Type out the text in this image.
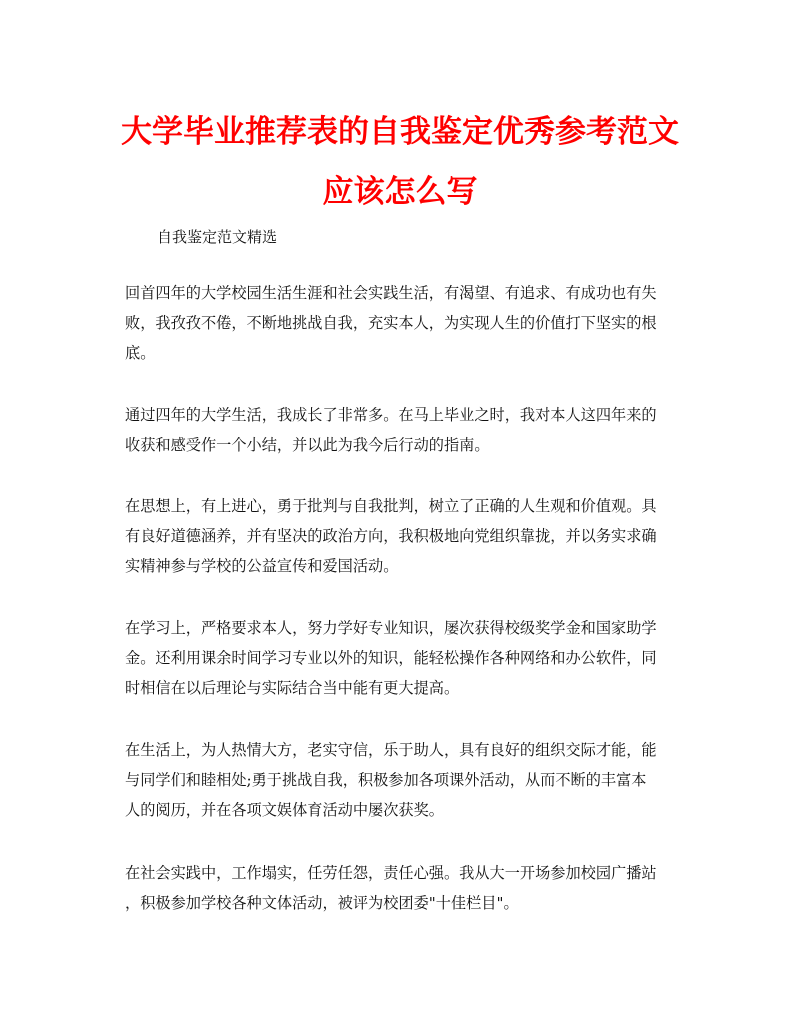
大学毕业推荐表的自我鉴定优秀参考范文
应该怎么写
自我鉴定范文精选
回首四年的大学校园生活生涯和社会实践生活，有渴望、有追求、有成功也有失
败，我孜孜不倦，不断地挑战自我，充实本人，为实现人生的价值打下坚实的根
底。
通过四年的大学生活，我成长了非常多。在马上毕业之时，我对本人这四年来的
收获和感受作一个小结，并以此为我今后行动的指南。
在思想上，有上进心，勇于批判与自我批判，树立了正确的人生观和价值观。具
有良好道德涵养，并有坚决的政治方向，我积极地向党组织靠拢，并以务实求确
实精神参与学校的公益宣传和爱国活动。
在学习上，严格要求本人，努力学好专业知识，屡次获得校级奖学金和国家助学
金。还利用课余时间学习专业以外的知识，能轻松操作各种网络和办公软件，同
时相信在以后理论与实际结合当中能有更大提高。
在生活上，为人热情大方，老实守信，乐于助人，具有良好的组织交际才能，能
与同学们和睦相处;勇于挑战自我，积极参加各项课外活动，从而不断的丰富本
人的阅历，并在各项文娱体育活动中屡次获奖。
在社会实践中，工作塌实，任劳任怨，责任心强。我从大一开场参加校园广播站
，积极参加学校各种文体活动，被评为校团委"十佳栏目"。
